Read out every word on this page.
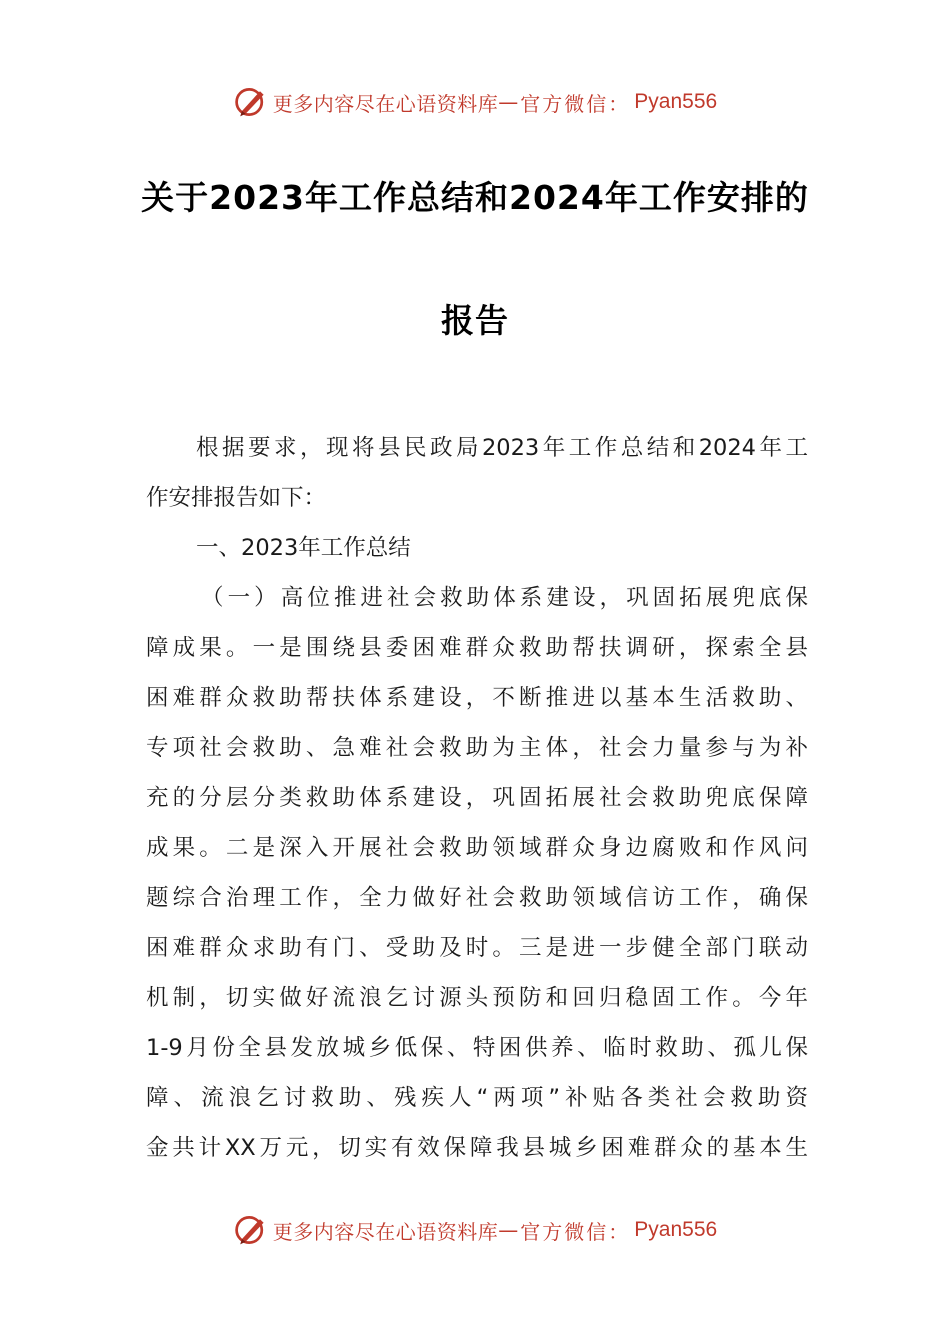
更多内容尽在心语资料库 — 官方微信： Pyan556
关于2023年工作总结和2024年工作安排的
报告

根据要求，现将县民政局2023年工作总结和2024年工

作安排报告如下：

一、2023年工作总结

（一）高位推进社会救助体系建设，巩固拓展兜底保

障成果。一是围绕县委困难群众救助帮扶调研，探索全县

困难群众救助帮扶体系建设，不断推进以基本生活救助、

专项社会救助、急难社会救助为主体，社会力量参与为补

充的分层分类救助体系建设，巩固拓展社会救助兜底保障

成果。二是深入开展社会救助领域群众身边腐败和作风问

题综合治理工作，全力做好社会救助领域信访工作，确保

困难群众求助有门、受助及时。三是进一步健全部门联动

机制，切实做好流浪乞讨源头预防和回归稳固工作。今年

1-9月份全县发放城乡低保、特困供养、临时救助、孤儿保

障、流浪乞讨救助、残疾人“两项”补贴各类社会救助资

金共计XX万元，切实有效保障我县城乡困难群众的基本生

更多内容尽在心语资料库 — 官方微信： Pyan556
